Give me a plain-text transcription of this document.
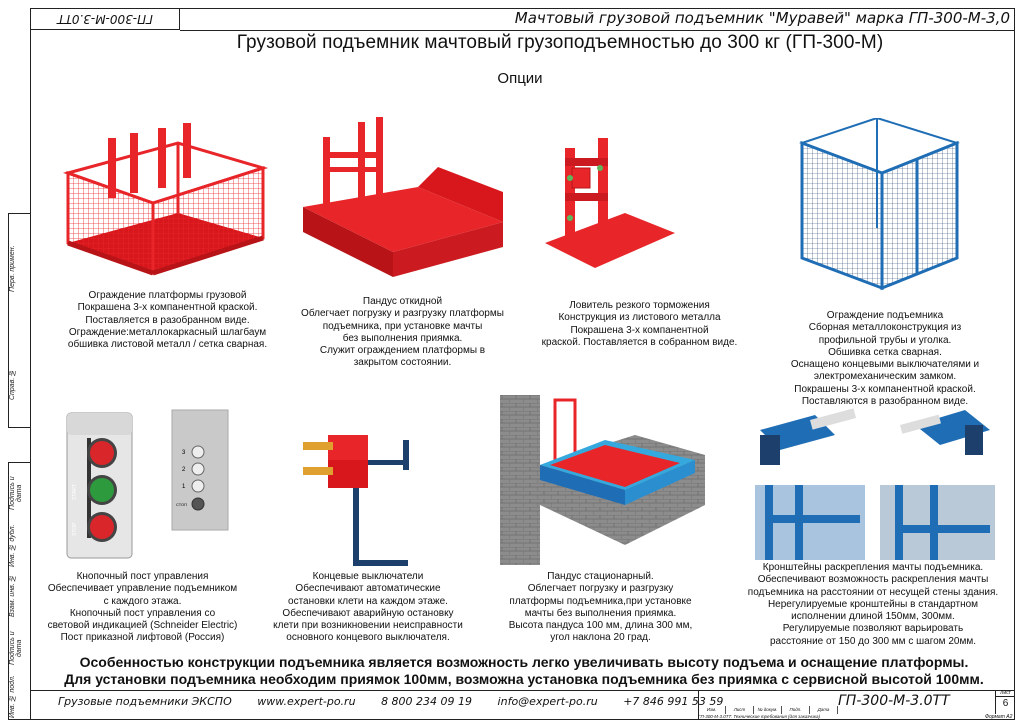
ГП-300-М-3.0ТТ	Мачтовый грузовой подъемник "Муравей" марка ГП-300-М-3,0
Грузовой подъемник мачтовый грузоподъемностью до 300 кг (ГП-300-М)
Опции
Перв. примен.
Справ. №
Подпись и дата
Инв. № дубл.
Взам. инв. №
Подпись и дата
Инв. № подл.
STOP
START
3
2
1
СТОП
Ограждение платформы грузовой
Покрашена 3-х компанентной краской.
Поставляется в разобранном виде.
Ограждение:металлокаркасный шлагбаум
обшивка листовой металл / сетка сварная.
Пандус откидной
Облегчает погрузку и разгрузку платформы
подъемника, при установке мачты
без выполнения приямка.
Служит ограждением платформы в
закрытом состоянии.
Ловитель резкого торможения
Конструкция из листового металла
Покрашена 3-х компанентной
краской. Поставляется в собранном виде.
Ограждение подъемника
Сборная металлоконструкция из
профильной трубы и уголка.
Обшивка сетка сварная.
Оснащено концевыми выключателями и
электромеханическим замком.
Покрашены 3-х компанентной краской.
Поставляются в разобранном виде.
Кнопочный пост управления
Обеспечивает управление подъемником
с каждого этажа.
Кнопочный пост управления со
световой индикацией (Schneider Electric)
Пост приказной лифтовой (Россия)
Концевые выключатели
Обеспечивают автоматические
остановки клети на каждом этаже.
Обеспечивают аварийную остановку
клети при возникновении неисправности
основного концевого выключателя.
Пандус стационарный.
Облегчает погрузку и разгрузку
платформы подъемника,при установке
мачты без выполнения приямка.
Высота пандуса 100 мм, длина 300 мм,
угол наклона 20 град.
Кронштейны раскрепления мачты подъемника.
Обеспечивают возможность раскрепления мачты
подъемника на расстоянии от несущей стены здания.
Нерегулируемые кронштейны в стандартном
исполнении длиной 150мм, 300мм.
Регулируемые позволяют варьировать
расстояние от 150 до 300 мм с шагом 20мм.
Особенностью конструкции подъемника является возможность легко увеличивать высоту подъема и оснащение платформы.
Для установки подъемника необходим приямок 100мм, возможна установка подъемника без приямка с сервисной высотой 100мм.
Грузовые подъемники ЭКСПО www.expert-po.ru 8 800 234 09 19 info@expert-po.ru +7 846 991 53 59	ГП-300-М-3.0ТТ
Изм.	Лист	№ докум.	Подп.	Дата
ГП-300-М-3.0ТТ. Технические требования (для заказчика)
Лист
6
Формат А2
